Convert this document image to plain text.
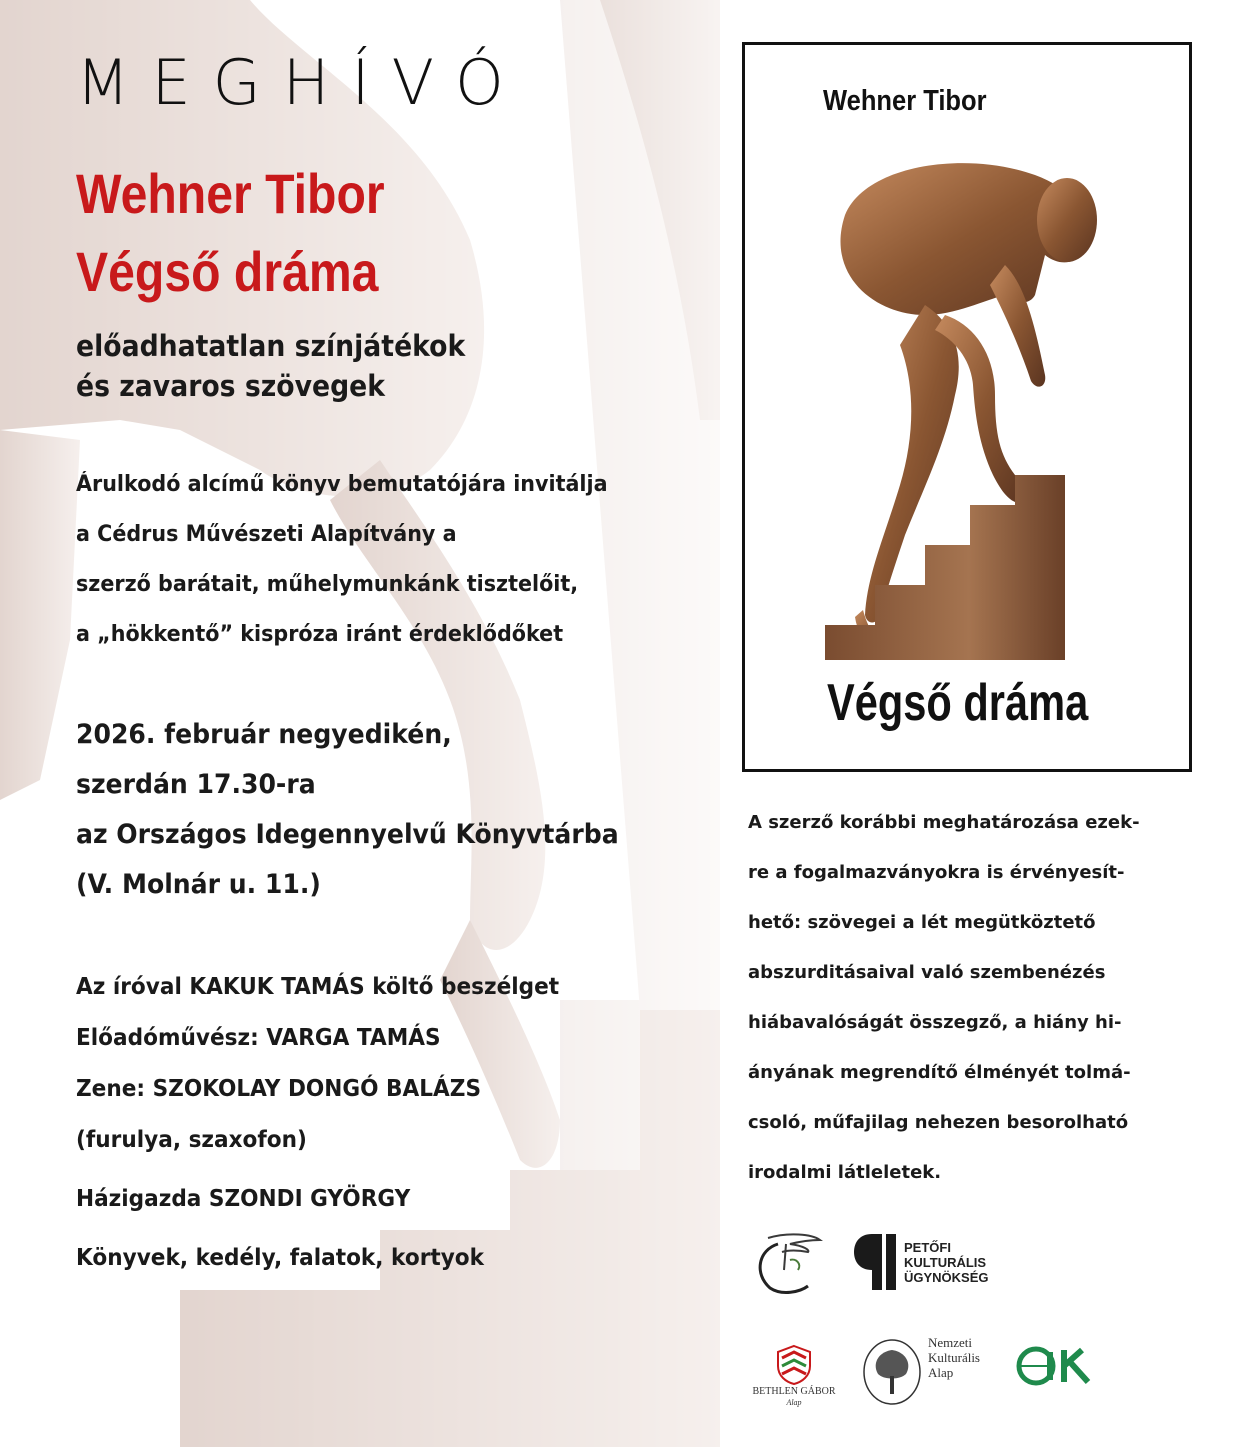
MEGHÍVÓ
Wehner Tibor
Végső dráma
előadhatatlan színjátékok
és zavaros szövegek
Árulkodó alcímű könyv bemutatójára invitálja
a Cédrus Művészeti Alapítvány a
szerző barátait, műhelymunkánk tisztelőit,
a „hökkentő” kispróza iránt érdeklődőket
2026. február negyedikén,
szerdán 17.30-ra
az Országos Idegennyelvű Könyvtárba
(V. Molnár u. 11.)
Az íróval KAKUK TAMÁS költő beszélget
Előadóművész: VARGA TAMÁS
Zene: SZOKOLAY DONGÓ BALÁZS
(furulya, szaxofon)
Házigazda SZONDI GYÖRGY
Könyvek, kedély, falatok, kortyok
Wehner Tibor
Végső dráma
A szerző korábbi meghatározása ezek-
re a fogalmazványokra is érvényesít-
hető: szövegei a lét megütköztető
abszurditásaival való szembenézés
hiábavalóságát összegző, a hiány hi-
ányának megrendítő élményét tolmá-
csoló, műfajilag nehezen besorolható
irodalmi látleletek.
PETŐFI
KULTURÁLIS
ÜGYNÖKSÉG
BETHLEN GÁBOR
Alap
Nemzeti
Kulturális
Alap
